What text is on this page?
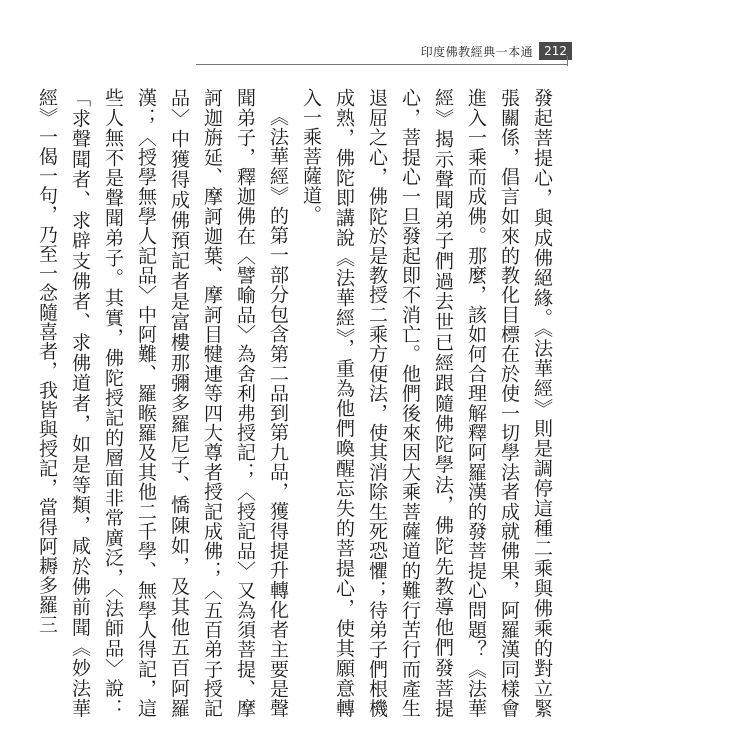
印度佛教經典一本通 212

發起菩提心，與成佛絕緣。《法華經》則是調停這種二乘與佛乘的對立緊張關係，倡言如來的教化目標在於使一切學法者成就佛果，阿羅漢同樣會進入一乘而成佛。那麼，該如何合理解釋阿羅漢的發菩提心問題？《法華經》揭示聲聞弟子們過去世已經跟隨佛陀學法，佛陀先教導他們發菩提心，菩提心一旦發起即不消亡。他們後來因大乘菩薩道的難行苦行而產生退屈之心，佛陀於是教授二乘方便法，使其消除生死恐懼；待弟子們根機成熟，佛陀即講說《法華經》，重為他們喚醒忘失的菩提心，使其願意轉入一乘菩薩道。

《法華經》的第一部分包含第二品到第九品，獲得提升轉化者主要是聲聞弟子，釋迦佛在〈譬喻品〉為舍利弗授記；〈授記品〉又為須菩提、摩訶迦旃延、摩訶迦葉、摩訶目犍連等四大尊者授記成佛；〈五百弟子授記品〉中獲得成佛預記者是富樓那彌多羅尼子、憍陳如，及其他五百阿羅漢；〈授學無學人記品〉中阿難、羅睺羅及其他二千學、無學人得記，這些人無不是聲聞弟子。其實，佛陀授記的層面非常廣泛，〈法師品〉說：「求聲聞者、求辟支佛者、求佛道者，如是等類，咸於佛前聞《妙法華經》一偈一句，乃至一念隨喜者，我皆與授記，當得阿耨多羅三
